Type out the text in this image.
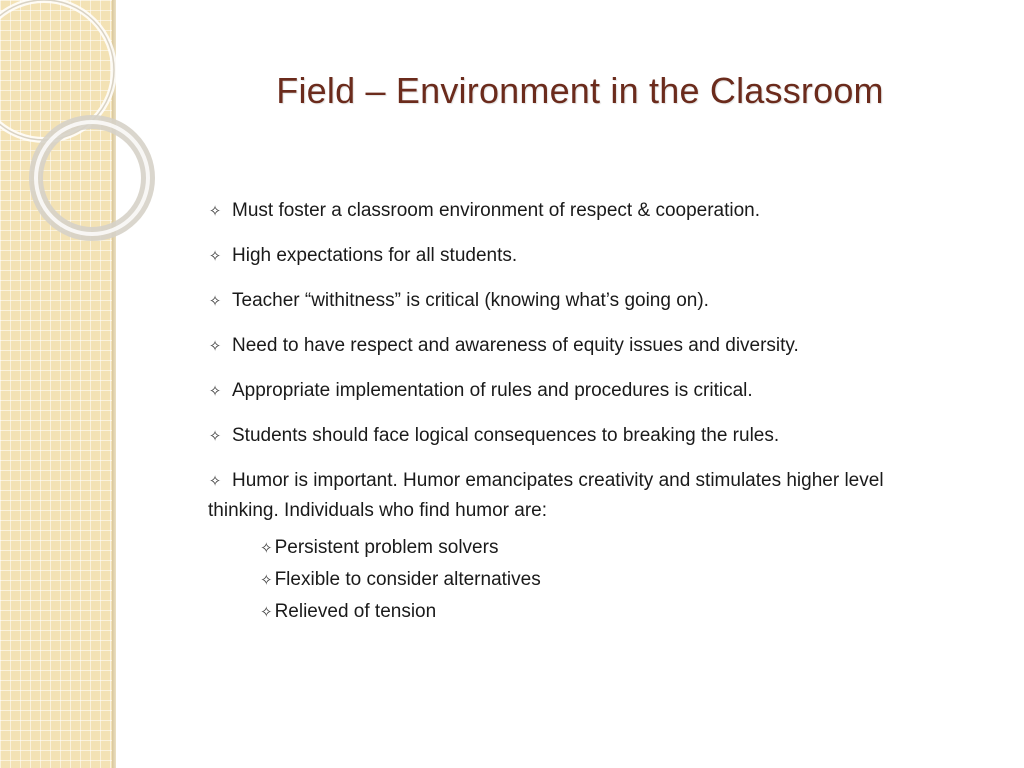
Field – Environment in the Classroom
✧ Must foster a classroom environment of respect & cooperation.
✧ High expectations for all students.
✧ Teacher “withitness” is critical (knowing what’s going on).
✧ Need to have respect and awareness of equity issues and diversity.
✧ Appropriate implementation of rules and procedures is critical.
✧ Students should face logical consequences to breaking the rules.
✧ Humor is important. Humor emancipates creativity and stimulates higher level thinking. Individuals who find humor are:
✧ Persistent problem solvers
✧ Flexible to consider alternatives
✧ Relieved of tension
